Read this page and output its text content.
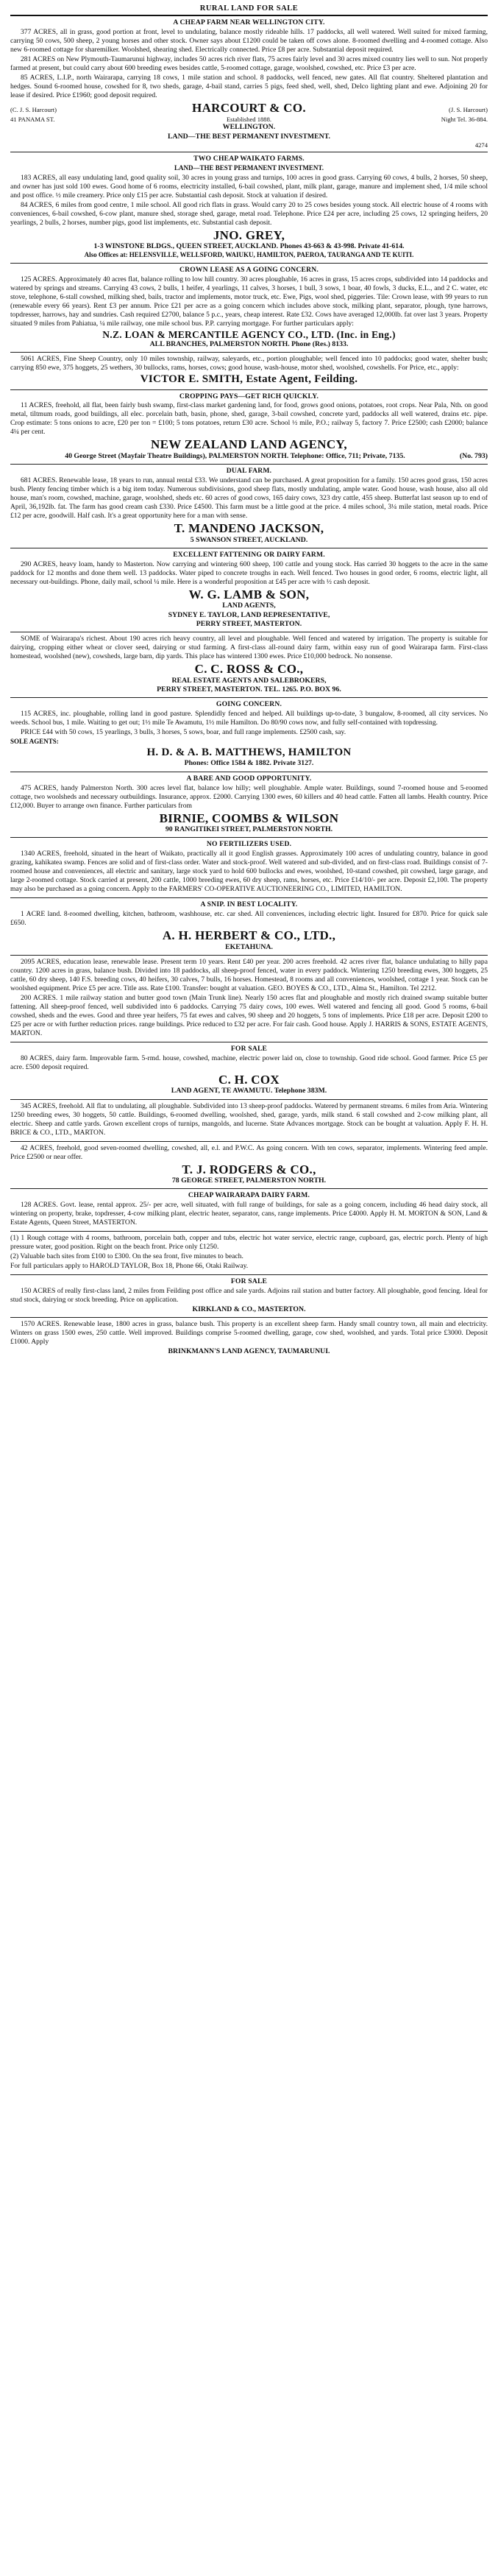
RURAL LAND FOR SALE
A CHEAP FARM NEAR WELLINGTON CITY.

377 ACRES, all in grass, good portion at front, level to undulating, balance mostly rideable hills. 17 paddocks, all well watered. Well suited for mixed farming, carrying 50 cows, 500 sheep, 2 young horses and other stock. Owner says about £1200 could be taken off cows alone. 8-roomed dwelling and 4-roomed cottage. Also new 6-roomed cottage for sharemilker. Woolshed, shearing shed. Electrically connected. Price £8 per acre. Substantial deposit required.

281 ACRES on New Plymouth-Taumarunui highway, includes 50 acres rich river flats, 75 acres fairly level and 30 acres mixed country lies well to sun. Not properly farmed at present, but could carry about 600 breeding ewes besides cattle, 5-roomed cottage, garage, woolshed, cowshed, etc. Price £3 per acre.

85 ACRES, L.I.P., north Wairarapa, carrying 18 cows, 1 mile station and school. 8 paddocks, well fenced, new gates. All flat country. Sheltered plantation and hedges. Sound 6-roomed house, cowshed for 8, two sheds, garage, 4-bail stand, carries 5 pigs, feed shed, well, shed, Delco lighting plant and ewe. Adjoining 20 for lease if desired. Price £1960; good deposit required.

(C. J. S. Harcourt)	HARCOURT & CO.	(J. S. Harcourt)
41 PANAMA ST.	Established 1888.	Night Tel. 36-884.
WELLINGTON.
LAND—THE BEST PERMANENT INVESTMENT.
4274
TWO CHEAP WAIKATO FARMS.
LAND—THE BEST PERMANENT INVESTMENT.

183 ACRES, all easy undulating land, good quality soil, 30 acres in young grass and turnips, 100 acres in good grass. Carrying 60 cows, 4 bulls, 2 horses, 50 sheep, and owner has just sold 100 ewes. Good home of 6 rooms, electricity installed, 6-bail cowshed, plant, milk plant, garage, manure and implement shed, 1/4 mile school and post office. ½ mile creamery. Price only £15 per acre. Substantial cash deposit. Stock at valuation if desired.

84 ACRES, 6 miles from good centre, 1 mile school. All good rich flats in grass. Would carry 20 to 25 cows besides young stock. All electric house of 4 rooms with conveniences, 6-bail cowshed, 6-cow plant, manure shed, storage shed, garage, metal road. Telephone. Price £24 per acre, including 25 cows, 12 springing heifers, 20 yearlings, 2 bulls, 2 horses, number pigs, good list implements, etc. Substantial cash deposit.

JNO. GREY,
1-3 WINSTONE BLDGS., QUEEN STREET, AUCKLAND. Phones 43-663 & 43-998. Private 41-614.
Also Offices at: HELENSVILLE, WELLSFORD, WAIUKU, HAMILTON, PAEROA, TAURANGA AND TE KUITI.
CROWN LEASE AS A GOING CONCERN.

125 ACRES. Approximately 40 acres flat, balance rolling to low hill country. 30 acres ploughable, 16 acres in grass, 15 acres crops, subdivided into 14 paddocks and watered by springs and streams. Carrying 43 cows, 2 bulls, 1 heifer, 4 yearlings, 11 calves, 3 horses, 1 bull, 3 sows, 1 boar, 40 fowls, 3 ducks, E.L., and 2 C. water, etc stove, telephone, 6-stall cowshed, milking shed, bails, tractor and implements, motor truck, etc. Ewe, Pigs, wool shed, piggeries. Tile: Crown lease, with 99 years to run (renewable every 66 years). Rent £3 per annum. Price £21 per acre as a going concern which includes above stock, milking plant, separator, plough, tyne harrows, topdresser, harrows, hay and sundries. Cash required £2700, balance 5 p.c., years, cheap interest. Rate £32. Cows have averaged 12,000lb. fat over last 3 years. Property situated 9 miles from Pahiatua, ¼ mile railway, one mile school bus. P.P. carrying mortgage. For further particulars apply:

N.Z. LOAN & MERCANTILE AGENCY CO., LTD. (Inc. in Eng.)
ALL BRANCHES, PALMERSTON NORTH. Phone (Res.) 8133.

5061 ACRES, Fine Sheep Country, only 10 miles township, railway, saleyards, etc., portion ploughable; well fenced into 10 paddocks; good water, shelter bush; carrying 850 ewe, 375 hoggets, 25 wethers, 30 bullocks, rams, horses, cows; good house, wash-house, motor shed, woolshed, cowshells. For Price, etc., apply:

VICTOR E. SMITH, Estate Agent, Feilding.
CROPPING PAYS—GET RICH QUICKLY.

11 ACRES, freehold, all flat, been fairly bush swamp, first-class market gardening land, for food, grows good onions, potatoes, root crops. Near Pala, Nth. on good metal, tiltmum roads, good buildings, all elec. porcelain bath, basin, phone, shed, garage, 3-bail cowshed, concrete yard, paddocks all well watered, drains etc. pipe. Crop estimate: 5 tons onions to acre, £20 per ton = £100; 5 tons potatoes, return £30 acre. School ½ mile, P.O.; railway 5, factory 7. Price £2500; cash £2000; balance 4¼ per cent.

NEW ZEALAND LAND AGENCY,
40 George Street (Mayfair Theatre Buildings), PALMERSTON NORTH. Telephone: Office, 711; Private, 7135.	(No. 793)
DUAL FARM.

681 ACRES. Renewable lease, 18 years to run, annual rental £33. We understand can be purchased. A great proposition for a family. 150 acres good grass, 150 acres bush. Plenty fencing timber which is a big item today. Numerous subdivisions, good sheep flats, mostly undulating, ample water. Good house, wash house, also all old house, man's room, cowshed, machine, garage, woolshed, sheds etc. 60 acres of good cows, 165 dairy cows, 323 dry cattle, 455 sheep. Butterfat last season up to end of April, 36,192lb. fat. The farm has good cream cash £330. Price £4500. This farm must be a little good at the price. 4 miles school, 3¼ mile station, metal roads. Price £12 per acre, goodwill. Half cash. It's a great opportunity here for a man with sense.

T. MANDENO JACKSON,
5 SWANSON STREET, AUCKLAND.
EXCELLENT FATTENING OR DAIRY FARM.

290 ACRES, heavy loam, handy to Masterton. Now carrying and wintering 600 sheep, 100 cattle and young stock. Has carried 30 hoggets to the acre in the same paddock for 12 months and done them well. 13 paddocks. Water piped to concrete troughs in each. Well fenced. Two houses in good order, 6 rooms, electric light, all necessary out-buildings. Phone, daily mail, school ¼ mile. Here is a wonderful proposition at £45 per acre with ½ cash deposit.

W. G. LAMB & SON,
LAND AGENTS,
SYDNEY E. TAYLOR, LAND REPRESENTATIVE,
PERRY STREET, MASTERTON.

SOME of Wairarapa's richest. About 190 acres rich heavy country, all level and ploughable. Well fenced and watered by irrigation. The property is suitable for dairying, cropping either wheat or clover seed, dairying or stud farming. A first-class all-round dairy farm, within easy run of good Wairarapa farm. First-class homestead, woolshed (new), cowsheds, large barn, dip yards. This place has wintered 1300 ewes. Price £10,000 bedrock. No nonsense.

C. C. ROSS & CO.,
REAL ESTATE AGENTS AND SALEBROKERS,
PERRY STREET, MASTERTON. TEL. 1265. P.O. BOX 96.
GOING CONCERN.

115 ACRES, inc. ploughable, rolling land in good pasture. Splendidly fenced and helped. All buildings up-to-date, 3 bungalow, 8-roomed, all city services. No weeds. School bus, 1 mile. Waiting to get out; 1½ mile Te Awamutu, 1½ mile Hamilton. Do 80/90 cows now, and fully self-contained with topdressing.

PRICE £44 with 50 cows, 15 yearlings, 3 bulls, 3 horses, 5 sows, boar, and full range implements. £2500 cash, say.

SOLE AGENTS:
H. D. & A. B. MATTHEWS, HAMILTON
Phones: Office 1584 & 1882. Private 3127.
A BARE AND GOOD OPPORTUNITY.

475 ACRES, handy Palmerston North. 300 acres level flat, balance low hilly; well ploughable. Ample water. Buildings, sound 7-roomed house and 5-roomed cottage, two woolsheds and necessary outbuildings. Insurance, approx. £2000. Carrying 1300 ewes, 60 killers and 40 head cattle. Fatten all lambs. Health country. Price £12,000. Buyer to arrange own finance. Further particulars from

BIRNIE, COOMBS & WILSON
90 RANGITIKEI STREET, PALMERSTON NORTH.
NO FERTILIZERS USED.

1340 ACRES, freehold, situated in the heart of Waikato, practically all it good English grasses. Approximately 100 acres of undulating country, balance in good grazing, kahikatea swamp. Fences are solid and of first-class order. Water and stock-proof. Well watered and sub-divided, and on first-class road. Buildings consist of 7-roomed house and conveniences, all electric and sanitary, large stock yard to hold 600 bullocks and ewes, woolshed, 10-stand cowshed, pit cowshed, large garage, and large 2-roomed cottage. Stock carried at present, 200 cattle, 1000 breeding ewes, 60 dry sheep, rams, horses, etc. Price £14/10/- per acre. Deposit £2,100. The property may also be purchased as a going concern. Apply to the FARMERS' CO-OPERATIVE AUCTIONEERING CO., LIMITED, HAMILTON.

A SNIP. IN BEST LOCALITY.

1 ACRE land. 8-roomed dwelling, kitchen, bathroom, washhouse, etc. car shed. All conveniences, including electric light. Insured for £870. Price for quick sale £650.

A. H. HERBERT & CO., LTD.,
EKETAHUNA.

2095 ACRES, education lease, renewable lease. Present term 10 years. Rent £40 per year. 200 acres freehold. 42 acres river flat, balance undulating to hilly papa country. 1200 acres in grass, balance bush. Divided into 18 paddocks, all sheep-proof fenced, water in every paddock. Wintering 1250 breeding ewes, 300 hoggets, 25 cattle, 60 dry sheep, 140 F.S. breeding cows, 40 heifers, 30 calves, 7 bulls, 16 horses. Homestead, 8 rooms and all conveniences, woolshed, cottage 1 year. Stock can be woolshed equipment. Price £5 per acre. Title ass. Rate £100. Transfer: bought at valuation. GEO. BOYES & CO., LTD., Alma St., Hamilton. Tel 2212.

200 ACRES. 1 mile railway station and butter good town (Main Trunk line). Nearly 150 acres flat and ploughable and mostly rich drained swamp suitable butter fattening. All sheep-proof fenced, well subdivided into 6 paddocks. Carrying 75 dairy cows, 100 ewes. Well watered and fencing all good. Good 5 rooms, 6-bail cowshed, sheds and the ewes. Good and three year heifers, 75 fat ewes and calves, 90 sheep and 20 hoggets, 5 tons of implements. Price £18 per acre. Deposit £200 to £25 per acre or with further reduction prices. range buildings. Price reduced to £32 per acre. For fair cash. Good house. Apply J. HARRIS & SONS, ESTATE AGENTS, MARTON.

FOR SALE

80 ACRES, dairy farm. Improvable farm. 5-rmd. house, cowshed, machine, electric power laid on, close to township. Good ride school. Good farmer. Price £5 per acre. £500 deposit required.

C. H. COX
LAND AGENT, TE AWAMUTU. Telephone 383M.

345 ACRES, freehold. All flat to undulating, all ploughable. Subdivided into 13 sheep-proof paddocks. Watered by permanent streams. 6 miles from Aria. Wintering 1250 breeding ewes, 30 hoggets, 50 cattle. Buildings, 6-roomed dwelling, woolshed, shed, garage, yards, milk stand. 6 stall cowshed and 2-cow milking plant, all electric. Sheep and cattle yards. Grown excellent crops of turnips, mangolds, and lucerne. State Advances mortgage. Stock can be bought at valuation. Apply F. H. H. BRICE & CO., LTD., MARTON.

42 ACRES, freehold, good seven-roomed dwelling, cowshed, all, e.l. and P.W.C. As going concern. With ten cows, separator, implements. Wintering feed ample. Price £2500 or near offer.

T. J. RODGERS & CO.,
78 GEORGE STREET, PALMERSTON NORTH.
CHEAP WAIRARAPA DAIRY FARM.

128 ACRES. Govt. lease, rental approx. 25/- per acre, well situated, with full range of buildings, for sale as a going concern, including 46 head dairy stock, all wintering on property, brake, topdresser, 4-cow milking plant, electric heater, separator, cans, range implements. Price £4000. Apply H. M. MORTON & SON, Land & Estate Agents, Queen Street, MASTERTON.

(1) 1 Rough cottage with 4 rooms, bathroom, porcelain bath, copper and tubs, electric hot water service, electric range, cupboard, gas, electric porch. Plenty of high pressure water, good position. Right on the beach front. Price only £1250.

(2) Valuable bach sites from £100 to £300. On the sea front, five minutes to beach.

For full particulars apply to HAROLD TAYLOR, Box 18, Phone 66, Otaki Railway.

FOR SALE

150 ACRES of really first-class land, 2 miles from Feilding post office and sale yards. Adjoins rail station and butter factory. All ploughable, good fencing. Ideal for stud stock, dairying or stock breeding. Price on application.

KIRKLAND & CO., MASTERTON.

1570 ACRES. Renewable lease, 1800 acres in grass, balance bush. This property is an excellent sheep farm. Handy small country town, all main and electricity. Winters on grass 1500 ewes, 250 cattle. Well improved. Buildings comprise 5-roomed dwelling, garage, cow shed, woolshed, and yards. Total price £3000. Deposit £1000. Apply

BRINKMANN'S LAND AGENCY, TAUMARUNUI.
